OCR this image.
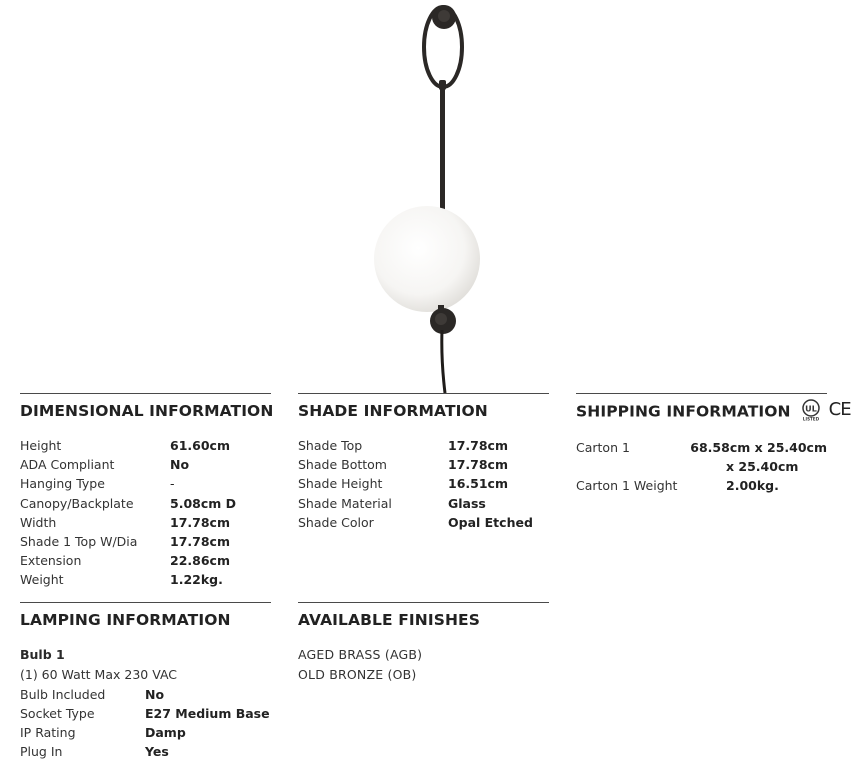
DIMENSIONAL INFORMATION
Height	61.60cm
ADA Compliant	No
Hanging Type	-
Canopy/Backplate	5.08cm D
Width	17.78cm
Shade 1 Top W/Dia	17.78cm
Extension	22.86cm
Weight	1.22kg.
SHADE INFORMATION
Shade Top	17.78cm
Shade Bottom	17.78cm
Shade Height	16.51cm
Shade Material	Glass
Shade Color	Opal Etched
SHIPPING INFORMATION UL
LISTED CE
Carton 1	68.58cm x 25.40cm
x 25.40cm
Carton 1 Weight	2.00kg.
LAMPING INFORMATION
Bulb 1
(1) 60 Watt Max 230 VAC
Bulb Included	No
Socket Type	E27 Medium Base
IP Rating	Damp
Plug In	Yes
AVAILABLE FINISHES
AGED BRASS (AGB)
OLD BRONZE (OB)
